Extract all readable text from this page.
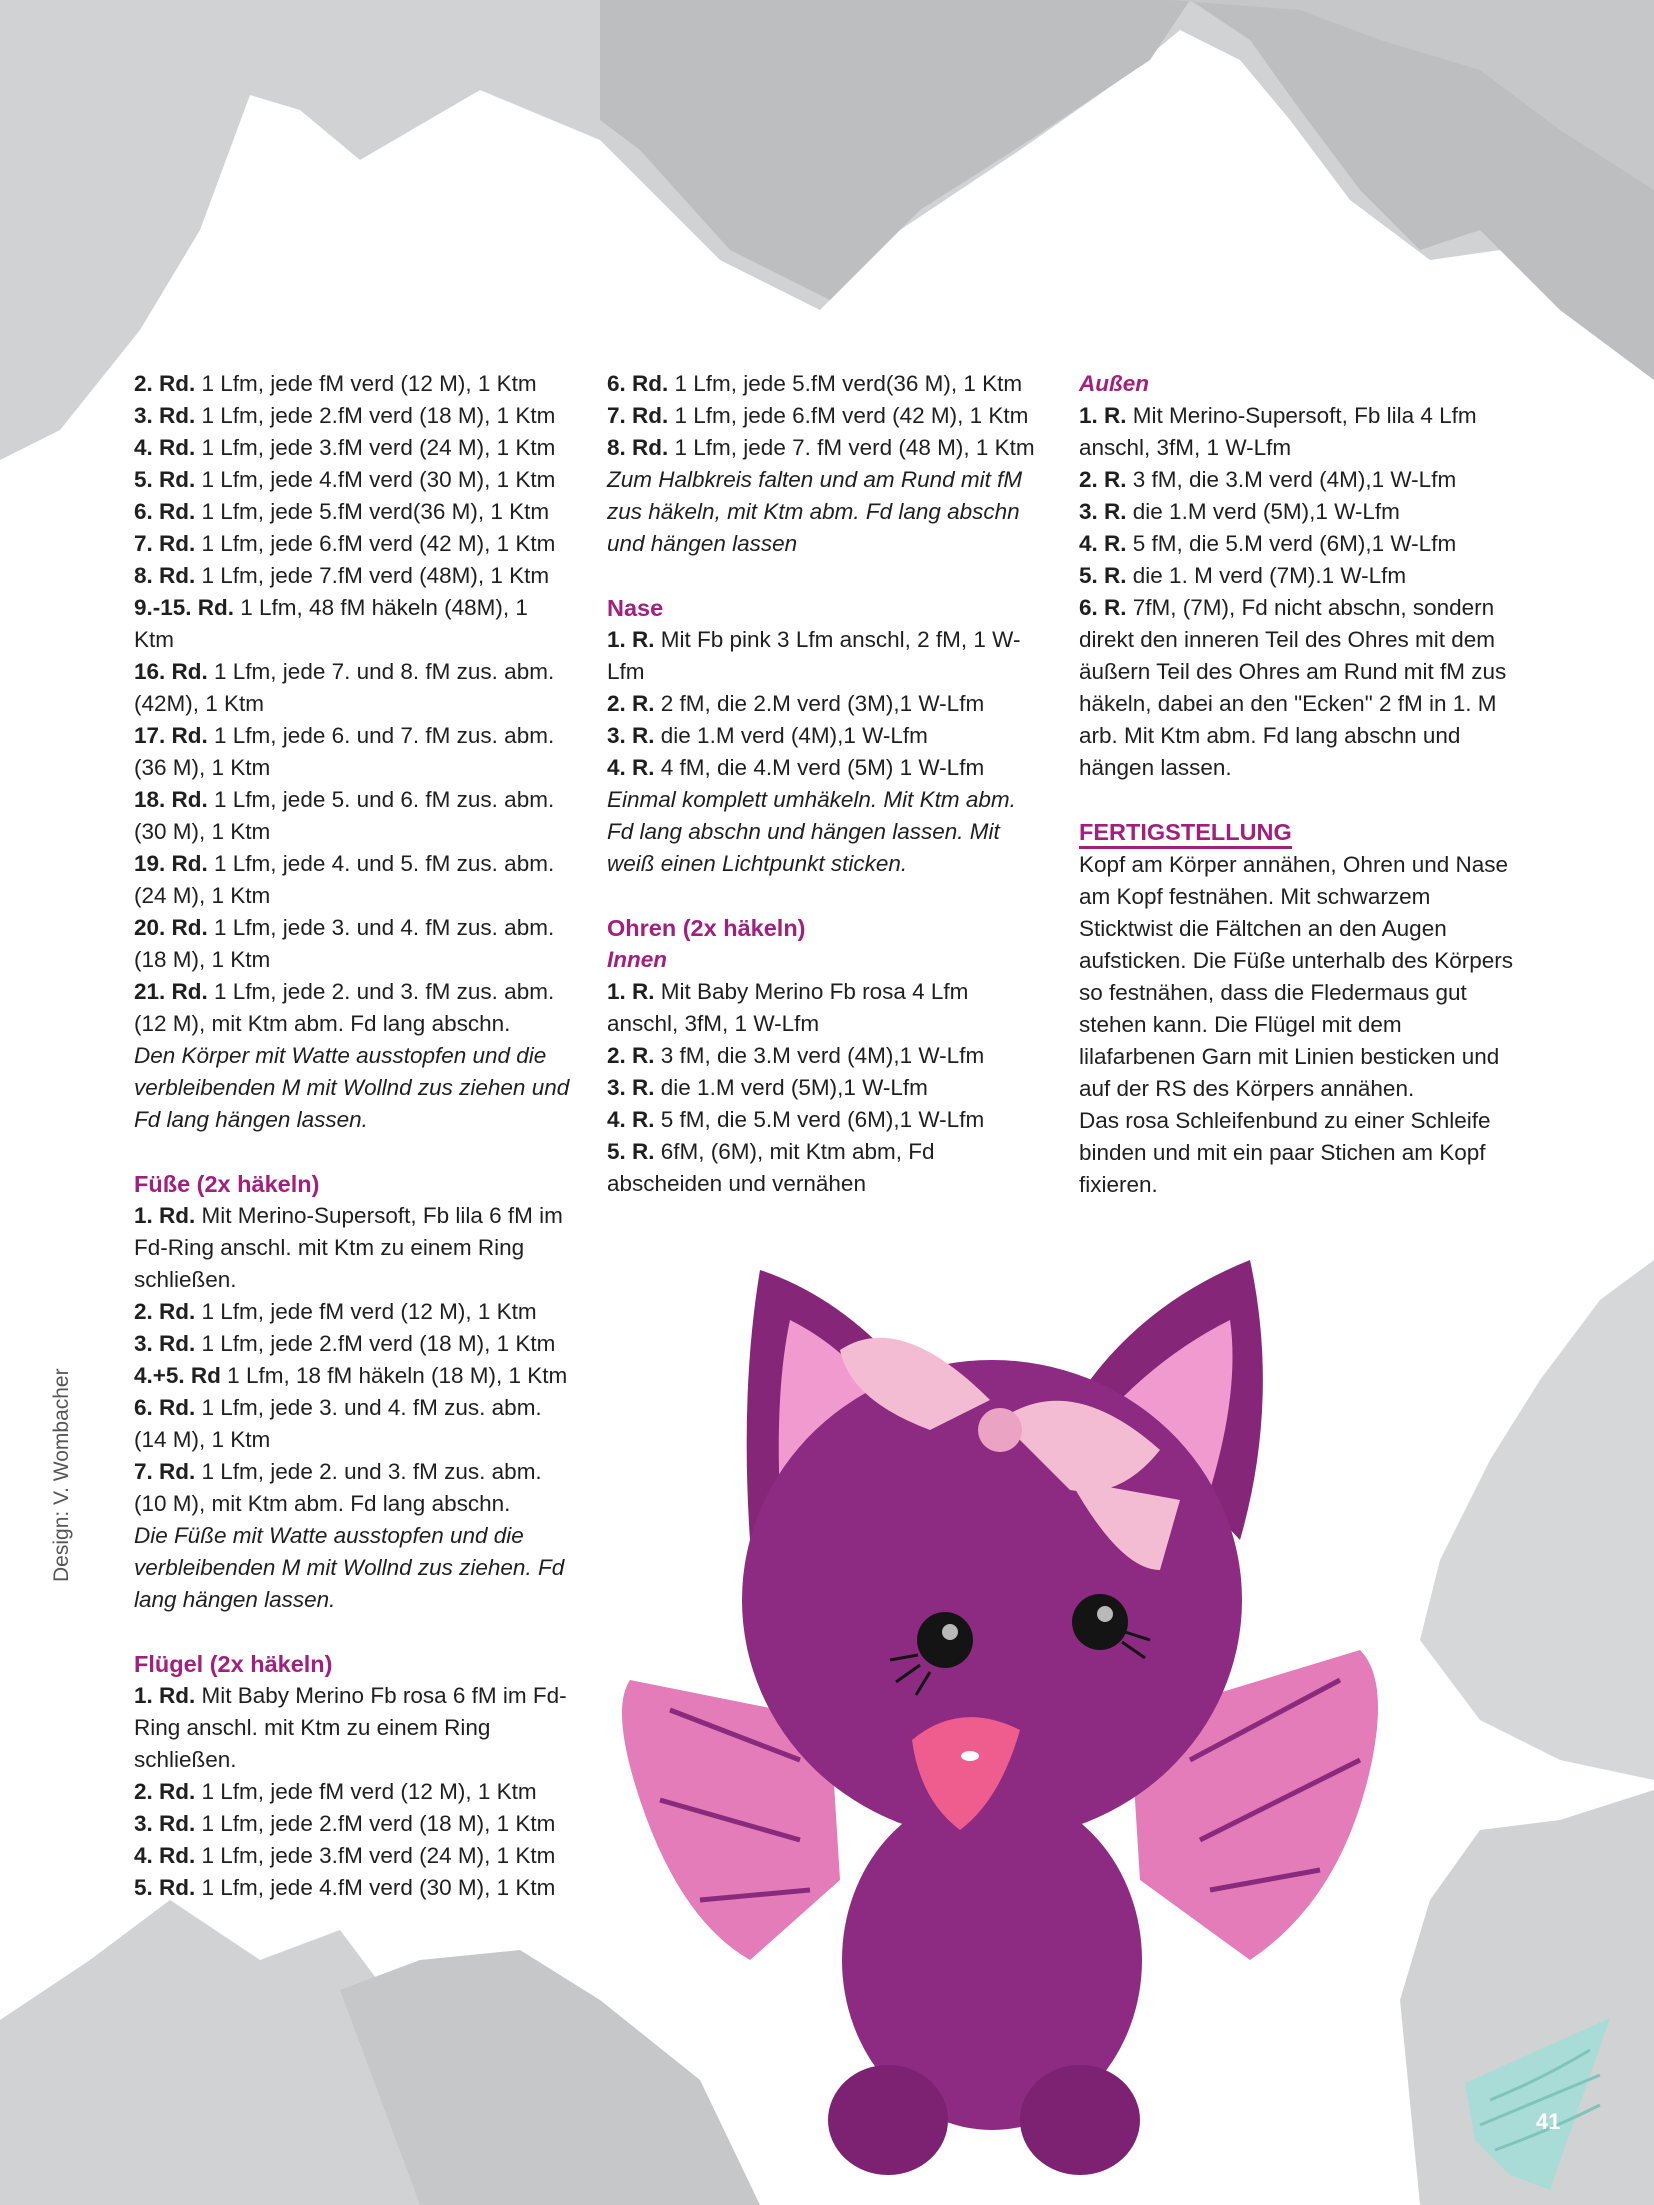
Design: V. Wombacher

2. Rd. 1 Lfm, jede fM verd (12 M), 1 Ktm

3. Rd. 1 Lfm, jede 2.fM verd (18 M), 1 Ktm

4. Rd. 1 Lfm, jede 3.fM verd (24 M), 1 Ktm

5. Rd. 1 Lfm, jede 4.fM verd (30 M), 1 Ktm

6. Rd. 1 Lfm, jede 5.fM verd(36 M), 1 Ktm

7. Rd. 1 Lfm, jede 6.fM verd (42 M), 1 Ktm

8. Rd. 1 Lfm, jede 7.fM verd (48M), 1 Ktm

9.-15. Rd. 1 Lfm, 48 fM häkeln (48M), 1 Ktm

16. Rd. 1 Lfm, jede 7. und 8. fM zus. abm. (42M), 1 Ktm

17. Rd. 1 Lfm, jede 6. und 7. fM zus. abm. (36 M), 1 Ktm

18. Rd. 1 Lfm, jede 5. und 6. fM zus. abm. (30 M), 1 Ktm

19. Rd. 1 Lfm, jede 4. und 5. fM zus. abm. (24 M), 1 Ktm

20. Rd. 1 Lfm, jede 3. und 4. fM zus. abm. (18 M), 1 Ktm

21. Rd. 1 Lfm, jede 2. und 3. fM zus. abm. (12 M), mit Ktm abm. Fd lang abschn.

Den Körper mit Watte ausstopfen und die verbleibenden M mit Wollnd zus ziehen und Fd lang hängen lassen.

Füße (2x häkeln)

1. Rd. Mit Merino-Supersoft, Fb lila 6 fM im Fd-Ring anschl. mit Ktm zu einem Ring schließen.

2. Rd. 1 Lfm, jede fM verd (12 M), 1 Ktm

3. Rd. 1 Lfm, jede 2.fM verd (18 M), 1 Ktm

4.+5. Rd 1 Lfm, 18 fM häkeln (18 M), 1 Ktm

6. Rd. 1 Lfm, jede 3. und 4. fM zus. abm. (14 M), 1 Ktm

7. Rd. 1 Lfm, jede 2. und 3. fM zus. abm. (10 M), mit Ktm abm. Fd lang abschn.

Die Füße mit Watte ausstopfen und die verbleibenden M mit Wollnd zus ziehen. Fd lang hängen lassen.

Flügel (2x häkeln)

1. Rd. Mit Baby Merino Fb rosa 6 fM im Fd-Ring anschl. mit Ktm zu einem Ring schließen.

2. Rd. 1 Lfm, jede fM verd (12 M), 1 Ktm

3. Rd. 1 Lfm, jede 2.fM verd (18 M), 1 Ktm

4. Rd. 1 Lfm, jede 3.fM verd (24 M), 1 Ktm

5. Rd. 1 Lfm, jede 4.fM verd (30 M), 1 Ktm

6. Rd. 1 Lfm, jede 5.fM verd(36 M), 1 Ktm

7. Rd. 1 Lfm, jede 6.fM verd (42 M), 1 Ktm

8. Rd. 1 Lfm, jede 7. fM verd (48 M), 1 Ktm

Zum Halbkreis falten und am Rund mit fM zus häkeln, mit Ktm abm. Fd lang abschn und hängen lassen

Nase

1. R. Mit Fb pink 3 Lfm anschl, 2 fM, 1 W-Lfm

2. R. 2 fM, die 2.M verd (3M),1 W-Lfm

3. R. die 1.M verd (4M),1 W-Lfm

4. R. 4 fM, die 4.M verd (5M) 1 W-Lfm

Einmal komplett umhäkeln. Mit Ktm abm. Fd lang abschn und hängen lassen. Mit weiß einen Lichtpunkt sticken.

Ohren (2x häkeln)

Innen

1. R. Mit Baby Merino Fb rosa 4 Lfm anschl, 3fM, 1 W-Lfm

2. R. 3 fM, die 3.M verd (4M),1 W-Lfm

3. R. die 1.M verd (5M),1 W-Lfm

4. R. 5 fM, die 5.M verd (6M),1 W-Lfm

5. R. 6fM, (6M), mit Ktm abm, Fd abscheiden und vernähen

Außen

1. R. Mit Merino-Supersoft, Fb lila 4 Lfm anschl, 3fM, 1 W-Lfm

2. R. 3 fM, die 3.M verd (4M),1 W-Lfm

3. R. die 1.M verd (5M),1 W-Lfm

4. R. 5 fM, die 5.M verd (6M),1 W-Lfm

5. R. die 1. M verd (7M).1 W-Lfm

6. R. 7fM, (7M), Fd nicht abschn, sondern direkt den inneren Teil des Ohres mit dem äußern Teil des Ohres am Rund mit fM zus häkeln, dabei an den "Ecken" 2 fM in 1. M arb. Mit Ktm abm. Fd lang abschn und hängen lassen.

FERTIGSTELLUNG

Kopf am Körper annähen, Ohren und Nase am Kopf festnähen. Mit schwarzem Sticktwist die Fältchen an den Augen aufsticken. Die Füße unterhalb des Körpers so festnähen, dass die Fledermaus gut stehen kann. Die Flügel mit dem lilafarbenen Garn mit Linien besticken und auf der RS des Körpers annähen.

Das rosa Schleifenbund zu einer Schleife binden und mit ein paar Stichen am Kopf fixieren.

41
